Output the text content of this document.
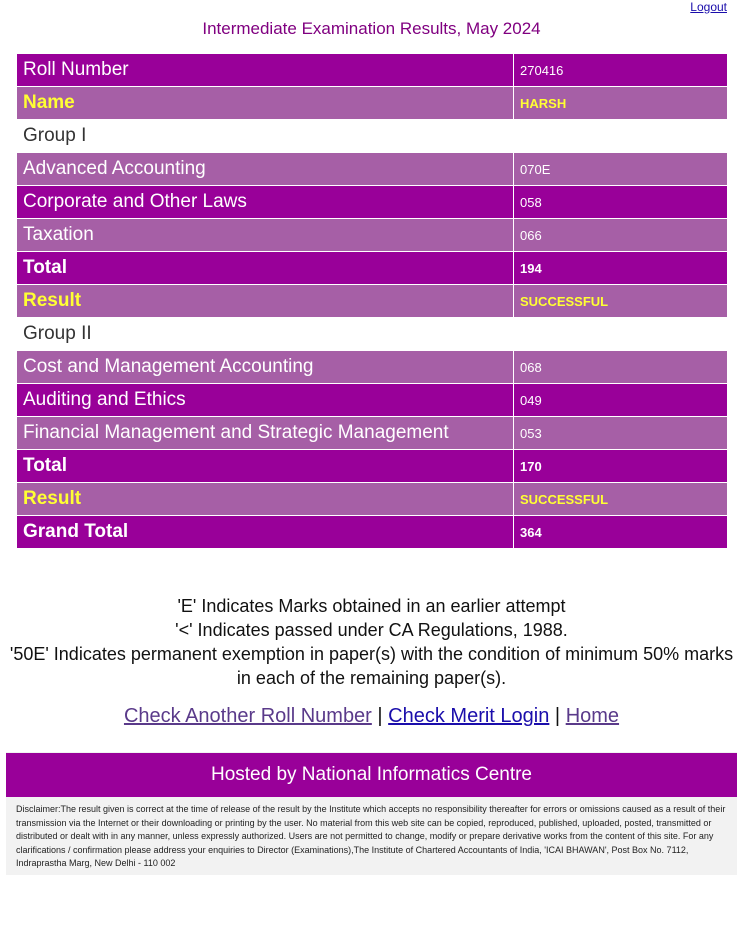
Logout
Intermediate Examination Results, May 2024
Roll Number	270416
Name	HARSH
Group I	
Advanced Accounting	070E
Corporate and Other Laws	058
Taxation	066
Total	194
Result	SUCCESSFUL
Group II	
Cost and Management Accounting	068
Auditing and Ethics	049
Financial Management and Strategic Management	053
Total	170
Result	SUCCESSFUL
Grand Total	364
'E' Indicates Marks obtained in an earlier attempt
'<' Indicates passed under CA Regulations, 1988.
'50E' Indicates permanent exemption in paper(s) with the condition of minimum 50% marks in each of the remaining paper(s).
Check Another Roll Number | Check Merit Login | Home
Hosted by National Informatics Centre
Disclaimer:The result given is correct at the time of release of the result by the Institute which accepts no responsibility thereafter for errors or omissions caused as a result of their transmission via the Internet or their downloading or printing by the user. No material from this web site can be copied, reproduced, published, uploaded, posted, transmitted or distributed or dealt with in any manner, unless expressly authorized. Users are not permitted to change, modify or prepare derivative works from the content of this site. For any clarifications / confirmation please address your enquiries to Director (Examinations),The Institute of Chartered Accountants of India, 'ICAI BHAWAN', Post Box No. 7112, Indraprastha Marg, New Delhi - 110 002
